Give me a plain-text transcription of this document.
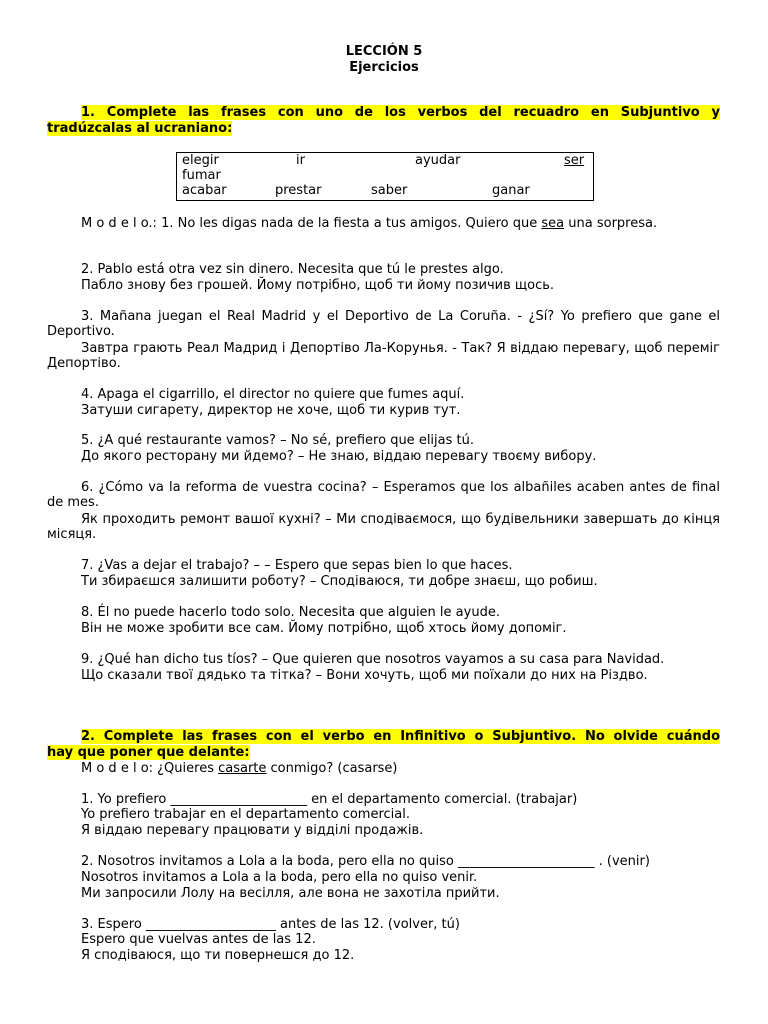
LECCIÓN 5
Ejercicios
1. Complete las frases con uno de los verbos del recuadro en Subjuntivo y
tradúzcalas al ucraniano:
elegir	ir	ayudar	ser
fumar
acabar	prestar	saber	ganar
M o d e l o.: 1. No les digas nada de la fiesta a tus amigos. Quiero que sea una sorpresa.
2. Pablo está otra vez sin dinero. Necesita que tú le prestes algo.
Пабло знову без грошей. Йому потрібно, щоб ти йому позичив щось.
3. Mañana juegan el Real Madrid y el Deportivo de La Coruña. - ¿Sí? Yo prefiero que gane el Deportivo.
Завтра грають Реал Мадрид і Депортіво Ла-Корунья. - Так? Я віддаю перевагу, щоб переміг Депортіво.
4. Apaga el cigarrillo, el director no quiere que fumes aquí.
Затуши сигарету, директор не хоче, щоб ти курив тут.
5. ¿A qué restaurante vamos? – No sé, prefiero que elijas tú.
До якого ресторану ми йдемо? – Не знаю, віддаю перевагу твоєму вибору.
6. ¿Cómo va la reforma de vuestra cocina? – Esperamos que los albañiles acaben antes de final de mes.
Як проходить ремонт вашої кухні? – Ми сподіваємося, що будівельники завершать до кінця місяця.
7. ¿Vas a dejar el trabajo? – – Espero que sepas bien lo que haces.
Ти збираєшся залишити роботу? – Сподіваюся, ти добре знаєш, що робиш.
8. Él no puede hacerlo todo solo. Necesita que alguien le ayude.
Він не може зробити все сам. Йому потрібно, щоб хтось йому допоміг.
9. ¿Qué han dicho tus tíos? – Que quieren que nosotros vayamos a su casa para Navidad.
Що сказали твої дядько та тітка? – Вони хочуть, щоб ми поїхали до них на Різдво.
2. Complete las frases con el verbo en Infinitivo o Subjuntivo. No olvide cuándo
hay que poner que delante:
M o d e l o: ¿Quieres casarte conmigo? (casarse)
1. Yo prefiero _____________________ en el departamento comercial. (trabajar)
Yo prefiero trabajar en el departamento comercial.
Я віддаю перевагу працювати у відділі продажів.
2. Nosotros invitamos a Lola a la boda, pero ella no quiso _____________________ . (venir)
Nosotros invitamos a Lola a la boda, pero ella no quiso venir.
Ми запросили Лолу на весілля, але вона не захотіла прийти.
3. Espero ____________________ antes de las 12. (volver, tú)
Espero que vuelvas antes de las 12.
Я сподіваюся, що ти повернешся до 12.
